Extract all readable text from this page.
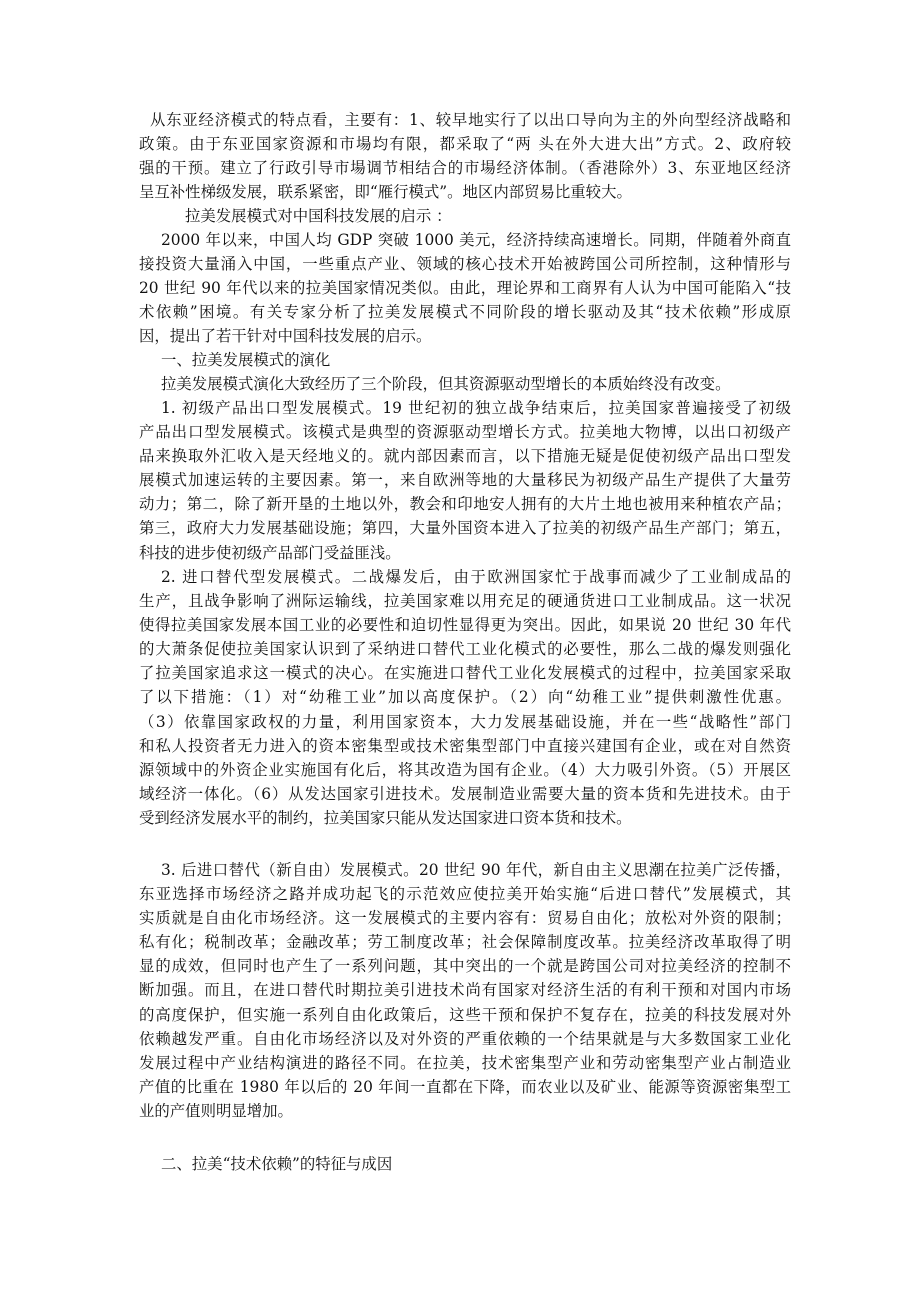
从东亚经济模式的特点看，主要有：1、较早地实行了以出口导向为主的外向型经济战略和
政策。由于东亚国家资源和市場均有限，都采取了“两 头在外大进大出”方式。2、政府较
强的干预。建立了行政引导市場调节相结合的市場经济体制。（香港除外）3、东亚地区经济
呈互补性梯级发展，联系紧密，即“雁行模式”。地区内部贸易比重较大。
拉美发展模式对中国科技发展的启示 ：
2000 年以来，中国人均 GDP 突破 1000 美元，经济持续高速增长。同期，伴随着外商直
接投资大量涌入中国，一些重点产业、领域的核心技术开始被跨国公司所控制，这种情形与
20 世纪 90 年代以来的拉美国家情况类似。由此，理论界和工商界有人认为中国可能陷入“技
术依赖”困境。有关专家分析了拉美发展模式不同阶段的增长驱动及其“技术依赖”形成原
因，提出了若干针对中国科技发展的启示。
一、拉美发展模式的演化
拉美发展模式演化大致经历了三个阶段，但其资源驱动型增长的本质始终没有改变。
1. 初级产品出口型发展模式。19 世纪初的独立战争结束后，拉美国家普遍接受了初级
产品出口型发展模式。该模式是典型的资源驱动型增长方式。拉美地大物博，以出口初级产
品来换取外汇收入是天经地义的。就内部因素而言，以下措施无疑是促使初级产品出口型发
展模式加速运转的主要因素。第一，来自欧洲等地的大量移民为初级产品生产提供了大量劳
动力；第二，除了新开垦的土地以外，教会和印地安人拥有的大片土地也被用来种植农产品；
第三，政府大力发展基础设施；第四，大量外国资本进入了拉美的初级产品生产部门；第五，
科技的进步使初级产品部门受益匪浅。
2. 进口替代型发展模式。二战爆发后，由于欧洲国家忙于战事而减少了工业制成品的
生产，且战争影响了洲际运输线，拉美国家难以用充足的硬通货进口工业制成品。这一状况
使得拉美国家发展本国工业的必要性和迫切性显得更为突出。因此，如果说 20 世纪 30 年代
的大萧条促使拉美国家认识到了采纳进口替代工业化模式的必要性，那么二战的爆发则强化
了拉美国家追求这一模式的决心。在实施进口替代工业化发展模式的过程中，拉美国家采取
了以下措施：（1）对“幼稚工业”加以高度保护。（2）向“幼稚工业”提供刺激性优惠。
（3）依靠国家政权的力量，利用国家资本，大力发展基础设施，并在一些“战略性”部门
和私人投资者无力进入的资本密集型或技术密集型部门中直接兴建国有企业，或在对自然资
源领域中的外资企业实施国有化后，将其改造为国有企业。（4）大力吸引外资。（5）开展区
域经济一体化。（6）从发达国家引进技术。发展制造业需要大量的资本货和先进技术。由于
受到经济发展水平的制约，拉美国家只能从发达国家进口资本货和技术。
3. 后进口替代（新自由）发展模式。20 世纪 90 年代，新自由主义思潮在拉美广泛传播，
东亚选择市场经济之路并成功起飞的示范效应使拉美开始实施“后进口替代”发展模式，其
实质就是自由化市场经济。这一发展模式的主要内容有：贸易自由化；放松对外资的限制；
私有化；税制改革；金融改革；劳工制度改革；社会保障制度改革。拉美经济改革取得了明
显的成效，但同时也产生了一系列问题，其中突出的一个就是跨国公司对拉美经济的控制不
断加强。而且，在进口替代时期拉美引进技术尚有国家对经济生活的有利干预和对国内市场
的高度保护，但实施一系列自由化政策后，这些干预和保护不复存在，拉美的科技发展对外
依赖越发严重。自由化市场经济以及对外资的严重依赖的一个结果就是与大多数国家工业化
发展过程中产业结构演进的路径不同。在拉美，技术密集型产业和劳动密集型产业占制造业
产值的比重在 1980 年以后的 20 年间一直都在下降，而农业以及矿业、能源等资源密集型工
业的产值则明显增加。
二、拉美“技术依赖”的特征与成因
